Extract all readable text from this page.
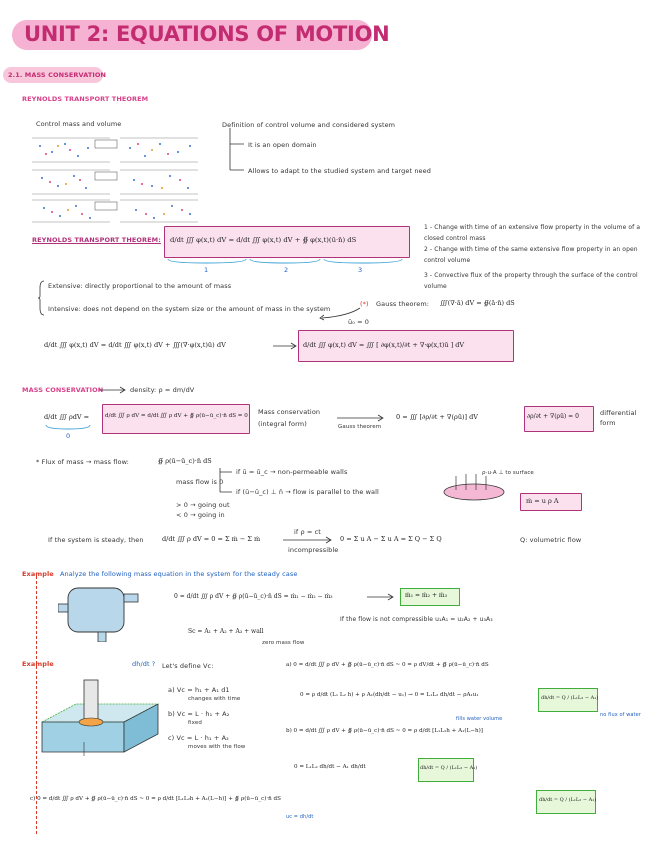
UNIT 2: EQUATIONS OF MOTION
2.1. MASS CONSERVATION
REYNOLDS TRANSPORT THEOREM
Control mass and volume	Definition of control volume and considered system
It is an open domain
Allows to adapt to the studied system and target need
REYNOLDS TRANSPORT THEOREM: d/dt ∭ φ(x,t) dV = d/dt ∭ φ(x,t) dV + ∯ φ(x,t)(ū·n̄) dS
1	2	3
1 - Change with time of an extensive flow property in the volume of a closed control mass
2 - Change with time of the same extensive flow property in an open control volume
3 - Convective flux of the property through the surface of the control volume
Extensive: directly proportional to the amount of mass
Intensive: does not depend on the system size or the amount of mass in the system
(*) Gauss theorem: ∭(∇·ā) dV = ∯(ā·n̄) dS
ū₀ = 0
d/dt ∭ φ(x,t) dV = d/dt ∭ φ(x,t) dV + ∭(∇·φ(x,t)ū) dV	d/dt ∭ φ(x,t) dV = ∭ [ ∂φ(x,t)/∂t + ∇·φ(x,t)ū ] dV
MASS CONSERVATION	density: ρ = dm/dV
d/dt ∭ ρdV =
0
d/dt ∭ ρ dV = d/dt ∭ ρ dV + ∯ ρ(ū−ū_c)·n̄ dS = 0 Mass conservation
(integral form)	Gauss theorem
0 = ∭ [∂ρ/∂t + ∇(ρū)] dV	∂ρ/∂t + ∇(ρū) = 0	differential form
* Flux of mass → mass flow:	∯ ρ(ū−ū_c)·n̄ dS
mass flow is 0
if ū = ū_c → non-permeable walls
if (ū−ū_c) ⊥ n̄ → flow is parallel to the wall
> 0 → going out
< 0 → going in
ρ·u·A ⊥ to surface
ṁ = u ρ A
If the system is steady, then	d/dt ∭ ρ dV = 0 = Σ ṁ − Σ ṁ
if ρ = ct
incompressible
0 = Σ u A − Σ u A = Σ Q − Σ Q	Q: volumetric flow
Example Analyze the following mass equation in the system for the steady case
0 = d/dt ∭ ρ dV + ∯ ρ(ū−ū_c)·n̄ dS = ṁ₁ − ṁ₂ − ṁ₃	ṁ₁ = ṁ₂ + ṁ₃
If the flow is not compressible u₁A₁ = u₂A₂ + u₃A₃
Sc = A₁ + A₂ + A₃ + wall
zero mass flow
Example	dh/dt ? Let's define Vc:
a) Vc = h₁ + A₁ d1
changes with time
b) Vc = L · h₁ + A₂
fixed
c) Vc = L · h₁ + A₂
moves with the flow
a) 0 = d/dt ∭ ρ dV + ∯ ρ(ū−ū_c)·n̄ dS ~ 0 = ρ dV/dt + ∯ ρ(ū−ū_c)·n̄ dS
0 = ρ d/dt (L₁ L₂ h) + ρ A₁(dh/dt − u₁) → 0 = L₁L₂ dh/dt − ρA₁u₁	dh/dt = Q / (L₁L₂ − A₁)
fills water volume
no flux of water
b) 0 = d/dt ∭ ρ dV + ∯ ρ(ū−ū_c)·n̄ dS ~ 0 = ρ d/dt [L₁L₂h + A₁(L−h)]
0 = L₁L₂ dh/dt − A₁ dh/dt	dh/dt = Q / (L₁L₂ − A₁)
c) 0 = d/dt ∭ ρ dV + ∯ ρ(ū−ū_c)·n̄ dS ~ 0 = ρ d/dt [L₁L₂h + A₁(L−h)] + ∯ ρ(ū−ū_c)·n̄ dS
uc = dh/dt
dh/dt = Q / (L₁L₂ − A₁)
